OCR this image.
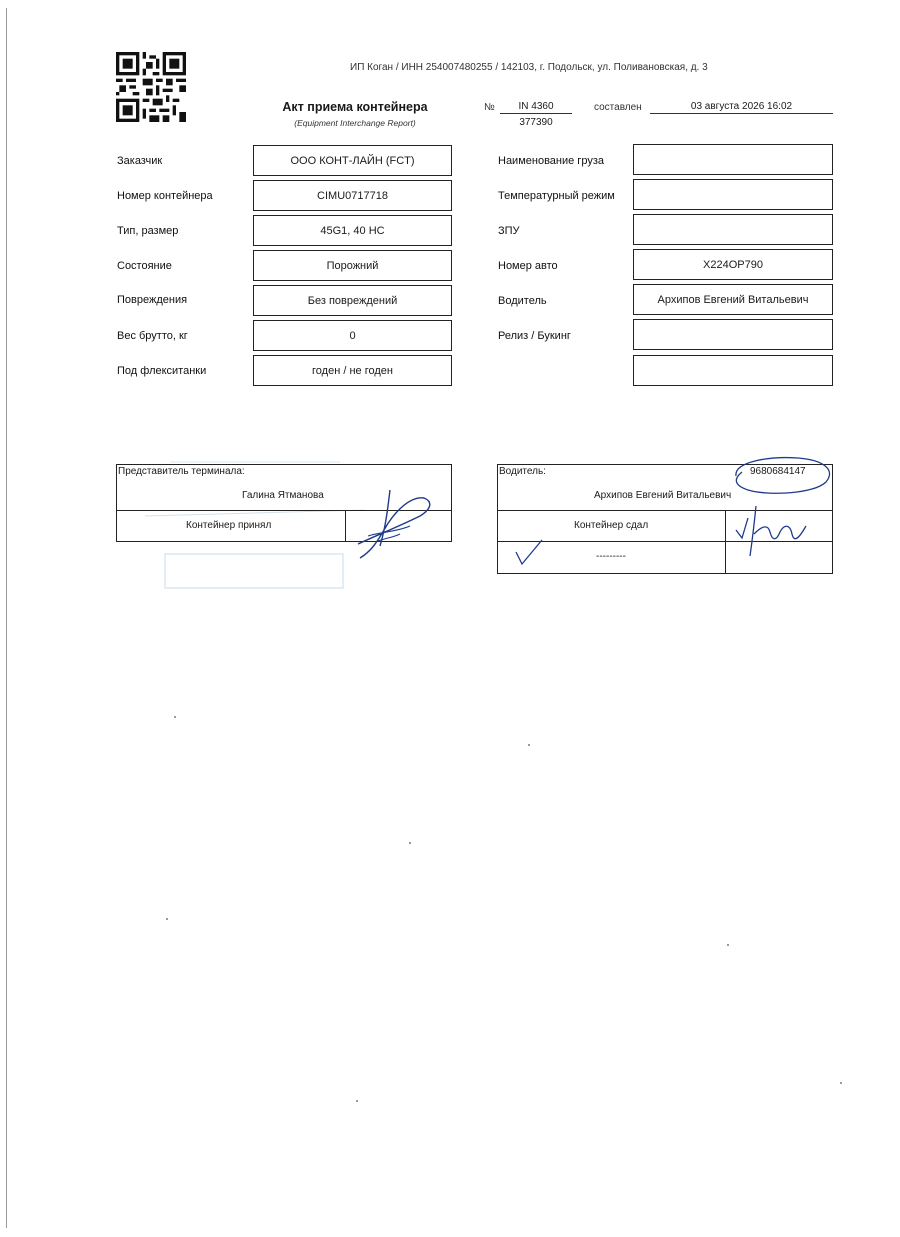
ИП Коган / ИНН 254007480255 / 142103, г. Подольск, ул. Поливановская, д. 3
Акт приема контейнера
(Equipment Interchange Report)
№	IN 4360
377390
составлен	03 августа 2026 16:02
Заказчик	ООО КОНТ-ЛАЙН (FCT)
Номер контейнера	CIMU0717718
Тип, размер	45G1, 40 HC
Состояние	Порожний
Повреждения	Без повреждений
Вес брутто, кг	0
Под флекситанки	годен / не годен
Наименование груза
Температурный режим
ЗПУ
Номер авто	X224OP790
Водитель	Архипов Евгений Витальевич
Релиз / Букинг
Представитель терминала:
Галина Ятманова
Контейнер принял
Водитель:	9680684147
Архипов Евгений Витальевич
Контейнер сдал
---------
